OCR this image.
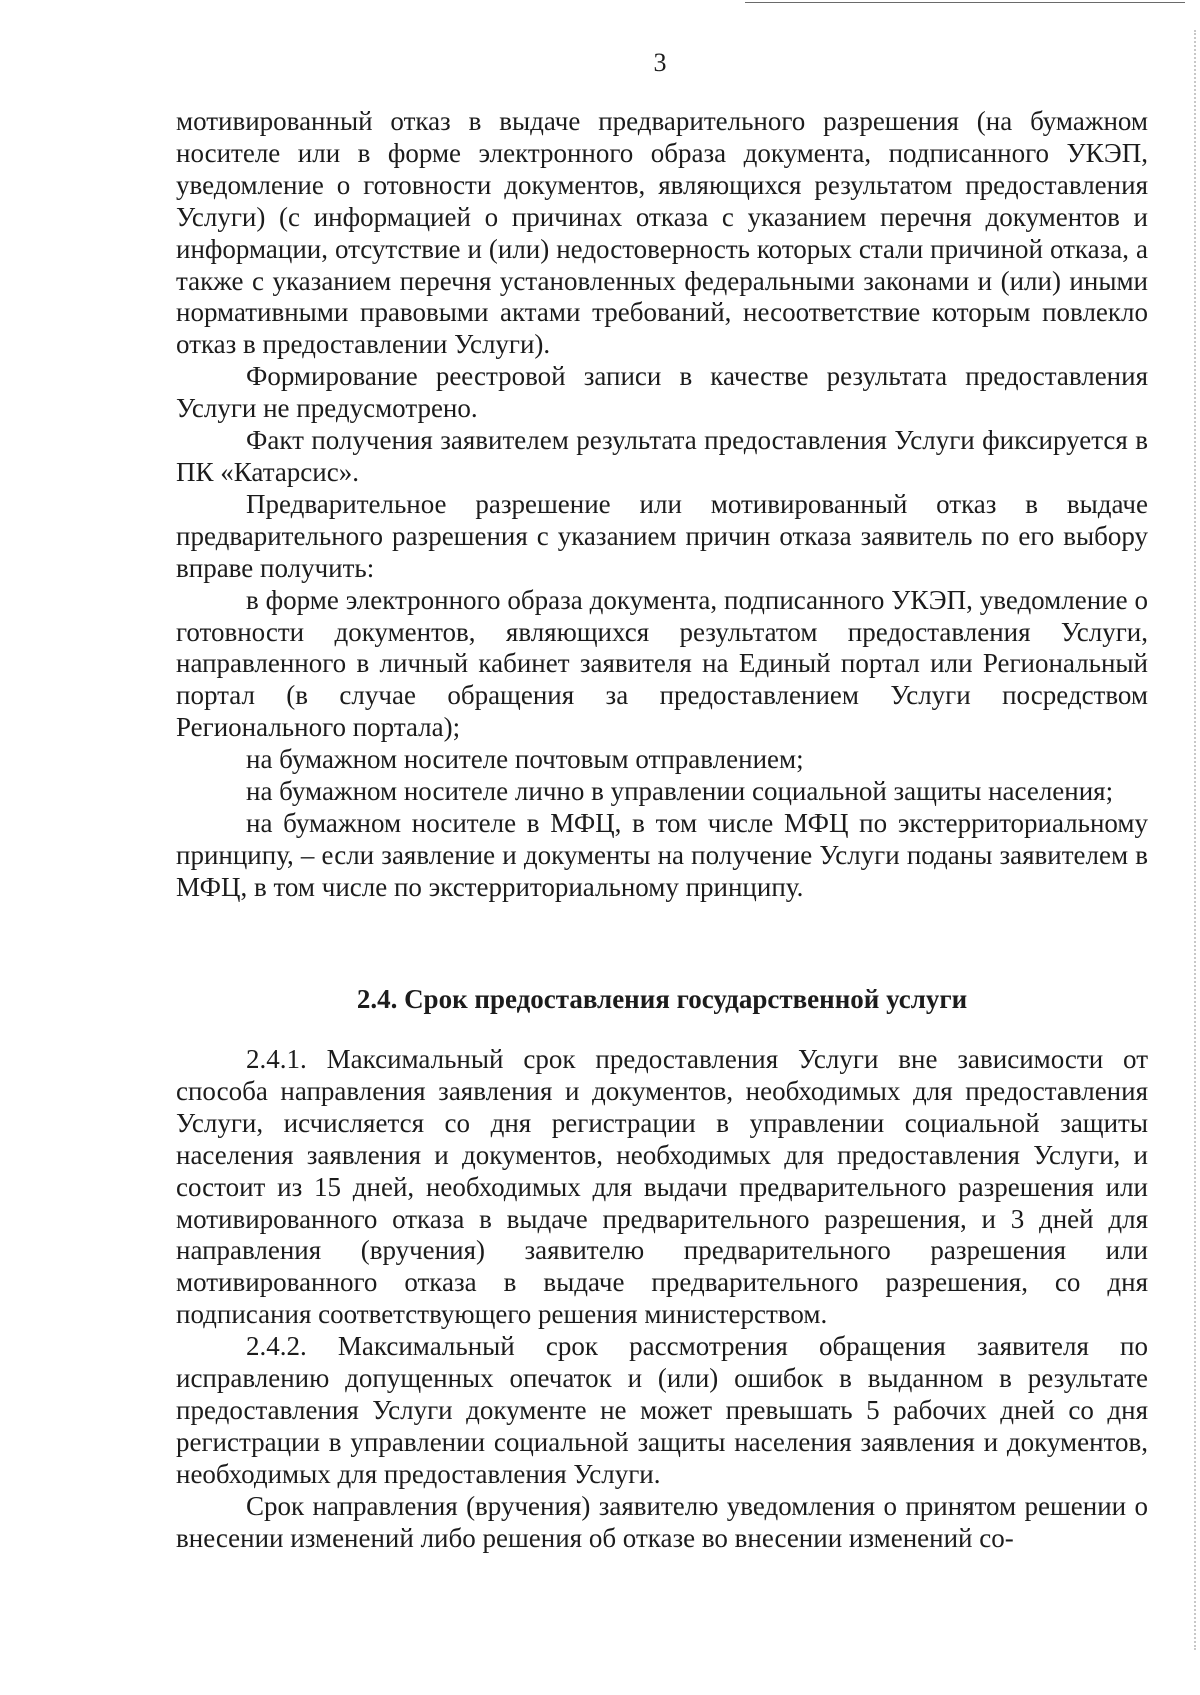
3

мотивированный отказ в выдаче предварительного разрешения (на бумажном носителе или в форме электронного образа документа, подписанного УКЭП, уведомление о готовности документов, являющихся результатом предоставления Услуги) (с информацией о причинах отказа с указанием перечня документов и информации, отсутствие и (или) недостоверность которых стали причиной отказа, а также с указанием перечня установленных федеральными законами и (или) иными нормативными правовыми актами требований, несоответствие которым повлекло отказ в предоставлении Услуги).

Формирование реестровой записи в качестве результата предоставления Услуги не предусмотрено.

Факт получения заявителем результата предоставления Услуги фиксируется в ПК «Катарсис».

Предварительное разрешение или мотивированный отказ в выдаче предварительного разрешения с указанием причин отказа заявитель по его выбору вправе получить:

в форме электронного образа документа, подписанного УКЭП, уведомление о готовности документов, являющихся результатом предоставления Услуги, направленного в личный кабинет заявителя на Единый портал или Региональный портал (в случае обращения за предоставлением Услуги посредством Регионального портала);

на бумажном носителе почтовым отправлением;

на бумажном носителе лично в управлении социальной защиты населения;

на бумажном носителе в МФЦ, в том числе МФЦ по экстерриториальному принципу, – если заявление и документы на получение Услуги поданы заявителем в МФЦ, в том числе по экстерриториальному принципу.

2.4. Срок предоставления государственной услуги

2.4.1. Максимальный срок предоставления Услуги вне зависимости от способа направления заявления и документов, необходимых для предоставления Услуги, исчисляется со дня регистрации в управлении социальной защиты населения заявления и документов, необходимых для предоставления Услуги, и состоит из 15 дней, необходимых для выдачи предварительного разрешения или мотивированного отказа в выдаче предварительного разрешения, и 3 дней для направления (вручения) заявителю предварительного разрешения или мотивированного отказа в выдаче предварительного разрешения, со дня подписания соответствующего решения министерством.

2.4.2. Максимальный срок рассмотрения обращения заявителя по исправлению допущенных опечаток и (или) ошибок в выданном в результате предоставления Услуги документе не может превышать 5 рабочих дней со дня регистрации в управлении социальной защиты населения заявления и документов, необходимых для предоставления Услуги.

Срок направления (вручения) заявителю уведомления о принятом решении о внесении изменений либо решения об отказе во внесении изменений со-
